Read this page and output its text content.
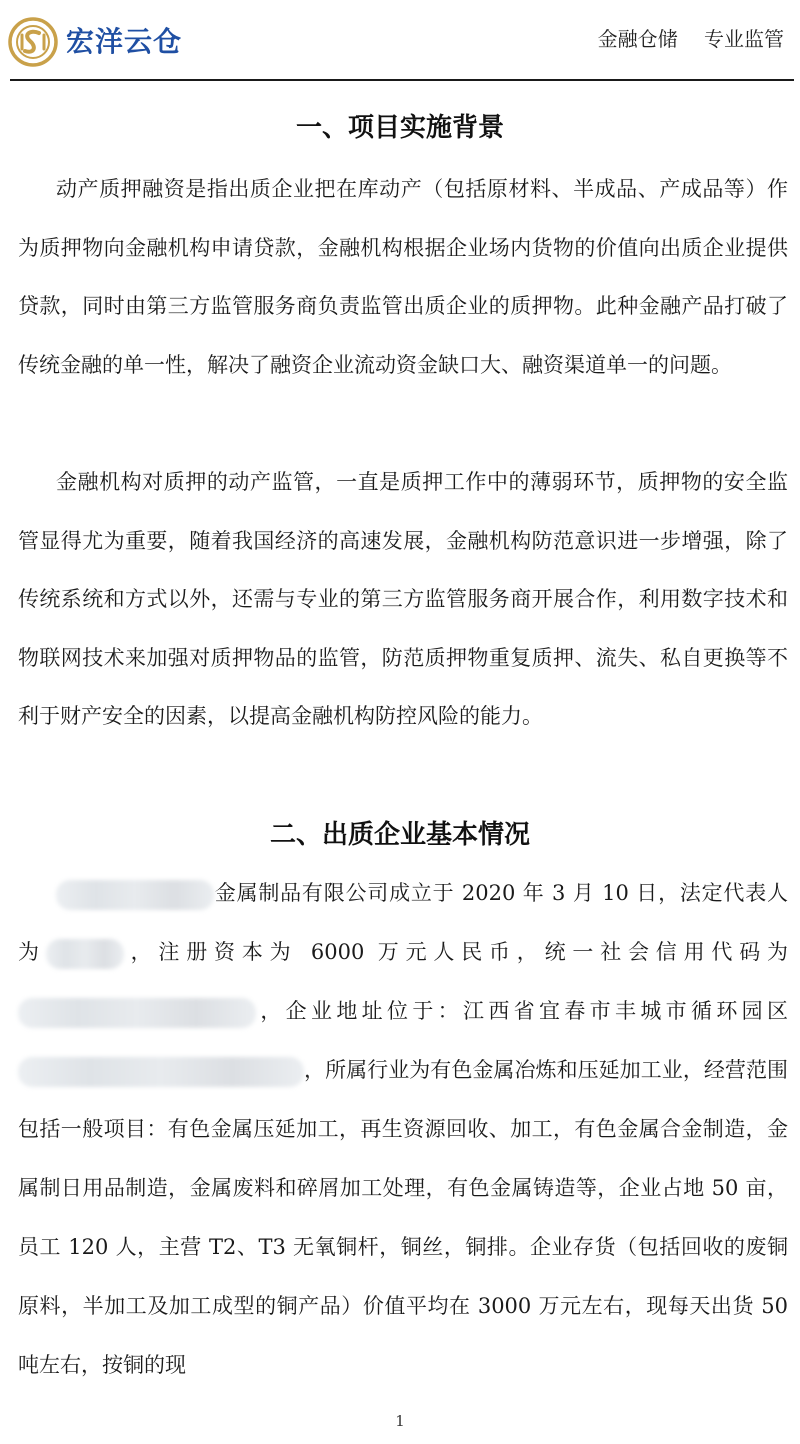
宏洋云仓	金融仓储 专业监管
一、项目实施背景

动产质押融资是指出质企业把在库动产（包括原材料、半成品、产成品等）作为质押物向金融机构申请贷款，金融机构根据企业场内货物的价值向出质企业提供贷款，同时由第三方监管服务商负责监管出质企业的质押物。此种金融产品打破了传统金融的单一性，解决了融资企业流动资金缺口大、融资渠道单一的问题。

金融机构对质押的动产监管，一直是质押工作中的薄弱环节，质押物的安全监管显得尤为重要，随着我国经济的高速发展，金融机构防范意识进一步增强，除了传统系统和方式以外，还需与专业的第三方监管服务商开展合作，利用数字技术和物联网技术来加强对质押物品的监管，防范质押物重复质押、流失、私自更换等不利于财产安全的因素，以提高金融机构防控风险的能力。

二、出质企业基本情况

金属制品有限公司成立于 2020 年 3 月 10 日，法定代表人为	，注册资本为 6000 万元人民币，统一社会信用代码为，企业地址位于：江西省宜春市丰城市循环园区，所属行业为有色金属冶炼和压延加工业，经营范围包括一般项目：有色金属压延加工，再生资源回收、加工，有色金属合金制造，金属制日用品制造，金属废料和碎屑加工处理，有色金属铸造等，企业占地 50 亩，员工 120 人，主营 T2、T3 无氧铜杆，铜丝，铜排。企业存货（包括回收的废铜原料，半加工及加工成型的铜产品）价值平均在 3000 万元左右，现每天出货 50 吨左右，按铜的现

1
